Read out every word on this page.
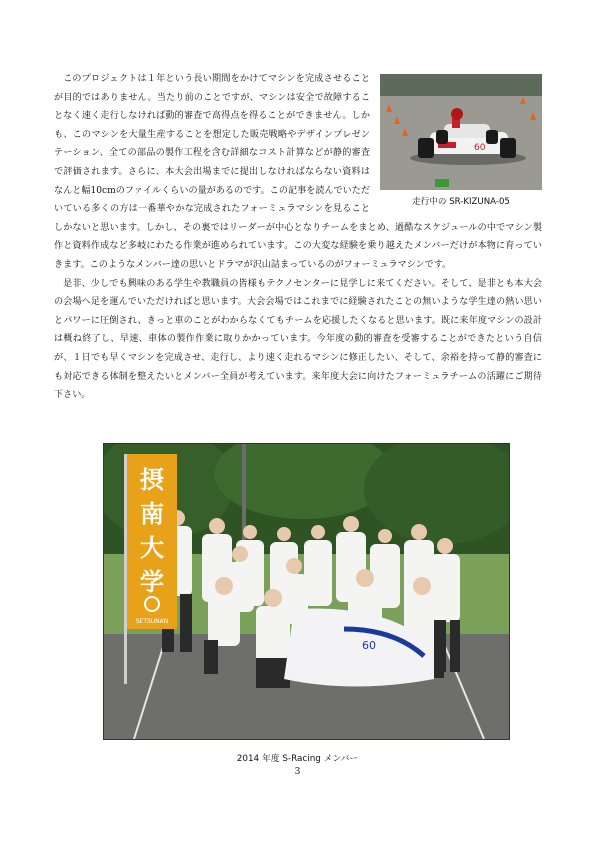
60
走行中の SR-KIZUNA-05

このプロジェクトは１年という長い期間をかけてマシンを完成させることが目的ではありません。当たり前のことですが、マシンは安全で故障することなく速く走行しなければ動的審査で高得点を得ることができません。しかも、このマシンを大量生産することを想定した販売戦略やデザインプレゼンテーション、全ての部品の製作工程を含む詳細なコスト計算などが静的審査で評価されます。さらに、本大会出場までに提出しなければならない資料はなんと幅10cmのファイルくらいの量があるのです。この記事を読んでいただいている多くの方は一番華やかな完成されたフォーミュラマシンを見ることしかないと思います。しかし、その裏ではリーダーが中心となりチームをまとめ、過酷なスケジュールの中でマシン製作と資料作成など多岐にわたる作業が進められています。この大変な経験を乗り越えたメンバーだけが本物に育っていきます。このようなメンバー達の思いとドラマが沢山詰まっているのがフォーミュラマシンです。

是非、少しでも興味のある学生や教職員の皆様もテクノセンターに見学しに来てください。そして、是非とも本大会の会場へ足を運んでいただければと思います。大会会場ではこれまでに経験されたことの無いような学生達の熱い思いとパワーに圧倒され、きっと車のことがわからなくてもチームを応援したくなると思います。既に来年度マシンの設計は概ね終了し、早速、車体の製作作業に取りかかっています。今年度の動的審査を受審することができたという自信が、１日でも早くマシンを完成させ、走行し、より速く走れるマシンに修正したい、そして、余裕を持って静的審査にも対応できる体制を整えたいとメンバー全員が考えています。来年度大会に向けたフォーミュラチームの活躍にご期待下さい。

60
摂
南
大
学
SETSUNAN
2014 年度 S-Racing メンバー
3
